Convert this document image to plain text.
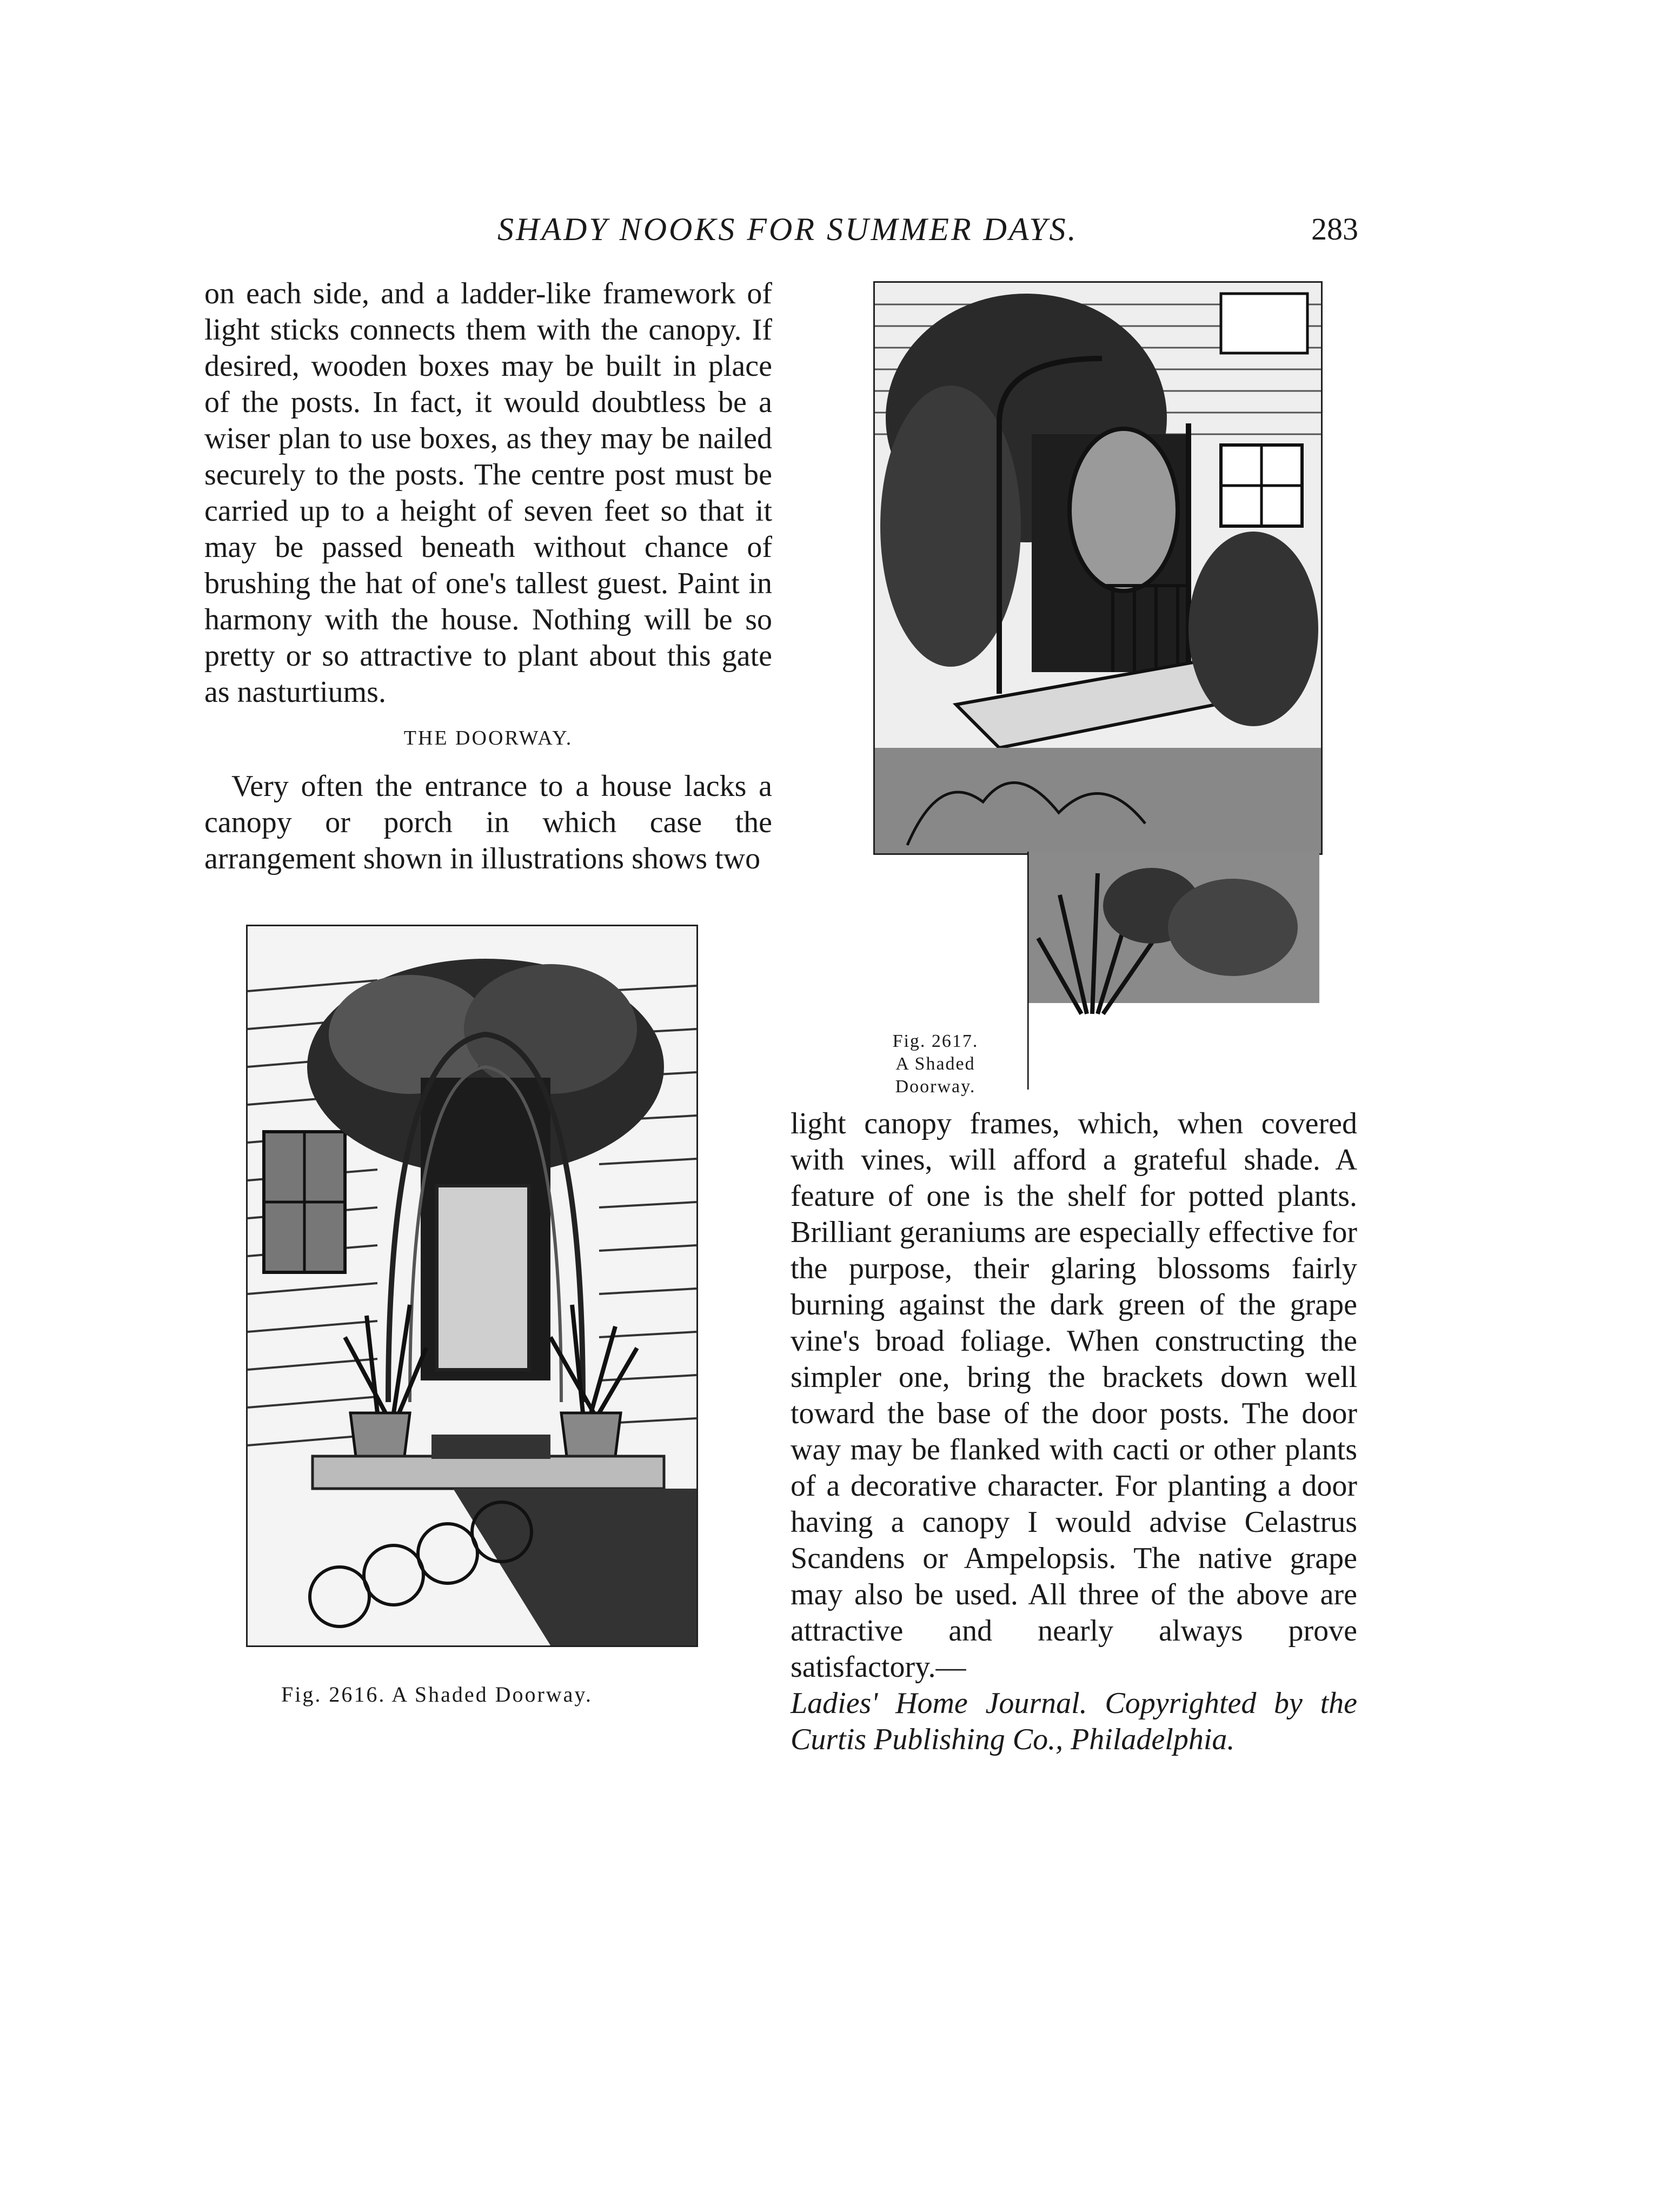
SHADY NOOKS FOR SUMMER DAYS.	283

on each side, and a ladder-like framework of light sticks connects them with the canopy. If desired, wooden boxes may be built in place of the posts. In fact, it would doubtless be a wiser plan to use boxes, as they may be nailed securely to the posts. The centre post must be carried up to a height of seven feet so that it may be passed beneath without chance of brushing the hat of one's tallest guest. Paint in harmony with the house. Nothing will be so pretty or so attractive to plant about this gate as nasturtiums.

THE DOORWAY.

Very often the entrance to a house lacks a canopy or porch in which case the arrangement shown in illustrations shows two

Fig. 2616. A Shaded Doorway.
Fig. 2617.
A Shaded
Doorway.

light canopy frames, which, when covered with vines, will afford a grateful shade. A feature of one is the shelf for potted plants. Brilliant geraniums are especially effective for the purpose, their glaring blossoms fairly burning against the dark green of the grape vine's broad foliage. When constructing the simpler one, bring the brackets down well toward the base of the door posts. The door way may be flanked with cacti or other plants of a decorative character. For planting a door having a canopy I would advise Celastrus Scandens or Ampelopsis. The native grape may also be used. All three of the above are attractive and nearly always prove satisfactory.—

Ladies' Home Journal. Copyrighted by the Curtis Publishing Co., Philadelphia.
